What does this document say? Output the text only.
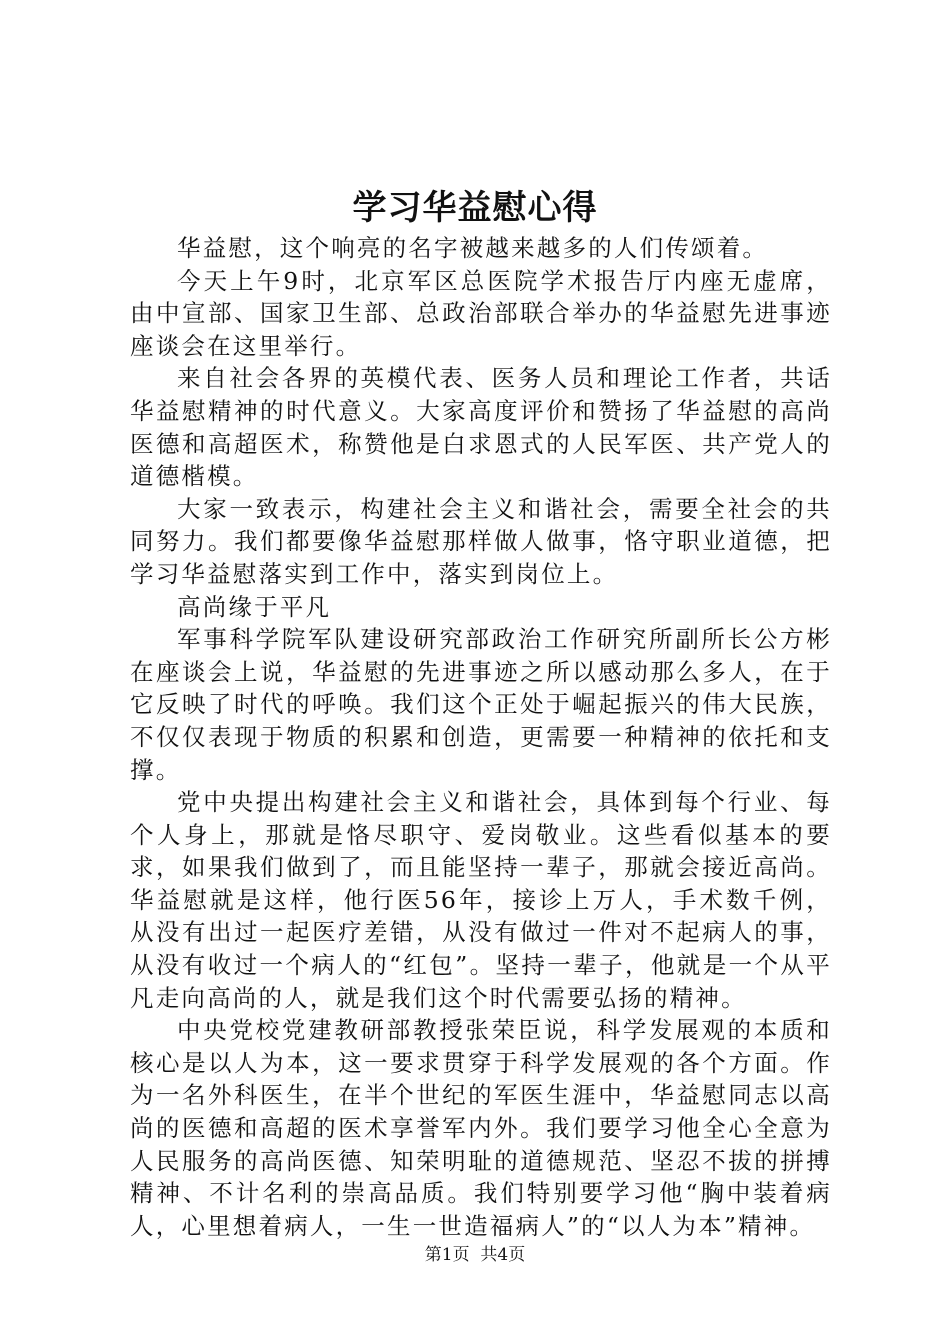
学习华益慰心得

华益慰，这个响亮的名字被越来越多的人们传颂着。

今天上午9时，北京军区总医院学术报告厅内座无虚席，由中宣部、国家卫生部、总政治部联合举办的华益慰先进事迹座谈会在这里举行。

来自社会各界的英模代表、医务人员和理论工作者，共话华益慰精神的时代意义。大家高度评价和赞扬了华益慰的高尚医德和高超医术，称赞他是白求恩式的人民军医、共产党人的道德楷模。

大家一致表示，构建社会主义和谐社会，需要全社会的共同努力。我们都要像华益慰那样做人做事，恪守职业道德，把学习华益慰落实到工作中，落实到岗位上。

高尚缘于平凡

军事科学院军队建设研究部政治工作研究所副所长公方彬在座谈会上说，华益慰的先进事迹之所以感动那么多人，在于它反映了时代的呼唤。我们这个正处于崛起振兴的伟大民族，不仅仅表现于物质的积累和创造，更需要一种精神的依托和支撑。

党中央提出构建社会主义和谐社会，具体到每个行业、每个人身上，那就是恪尽职守、爱岗敬业。这些看似基本的要求，如果我们做到了，而且能坚持一辈子，那就会接近高尚。华益慰就是这样，他行医56年，接诊上万人，手术数千例，从没有出过一起医疗差错，从没有做过一件对不起病人的事，从没有收过一个病人的“红包”。坚持一辈子，他就是一个从平凡走向高尚的人，就是我们这个时代需要弘扬的精神。

中央党校党建教研部教授张荣臣说，科学发展观的本质和核心是以人为本，这一要求贯穿于科学发展观的各个方面。作为一名外科医生，在半个世纪的军医生涯中，华益慰同志以高尚的医德和高超的医术享誉军内外。我们要学习他全心全意为人民服务的高尚医德、知荣明耻的道德规范、坚忍不拔的拼搏精神、不计名利的崇高品质。我们特别要学习他“胸中装着病人，心里想着病人，一生一世造福病人”的“以人为本”精神。

第1页 共4页
